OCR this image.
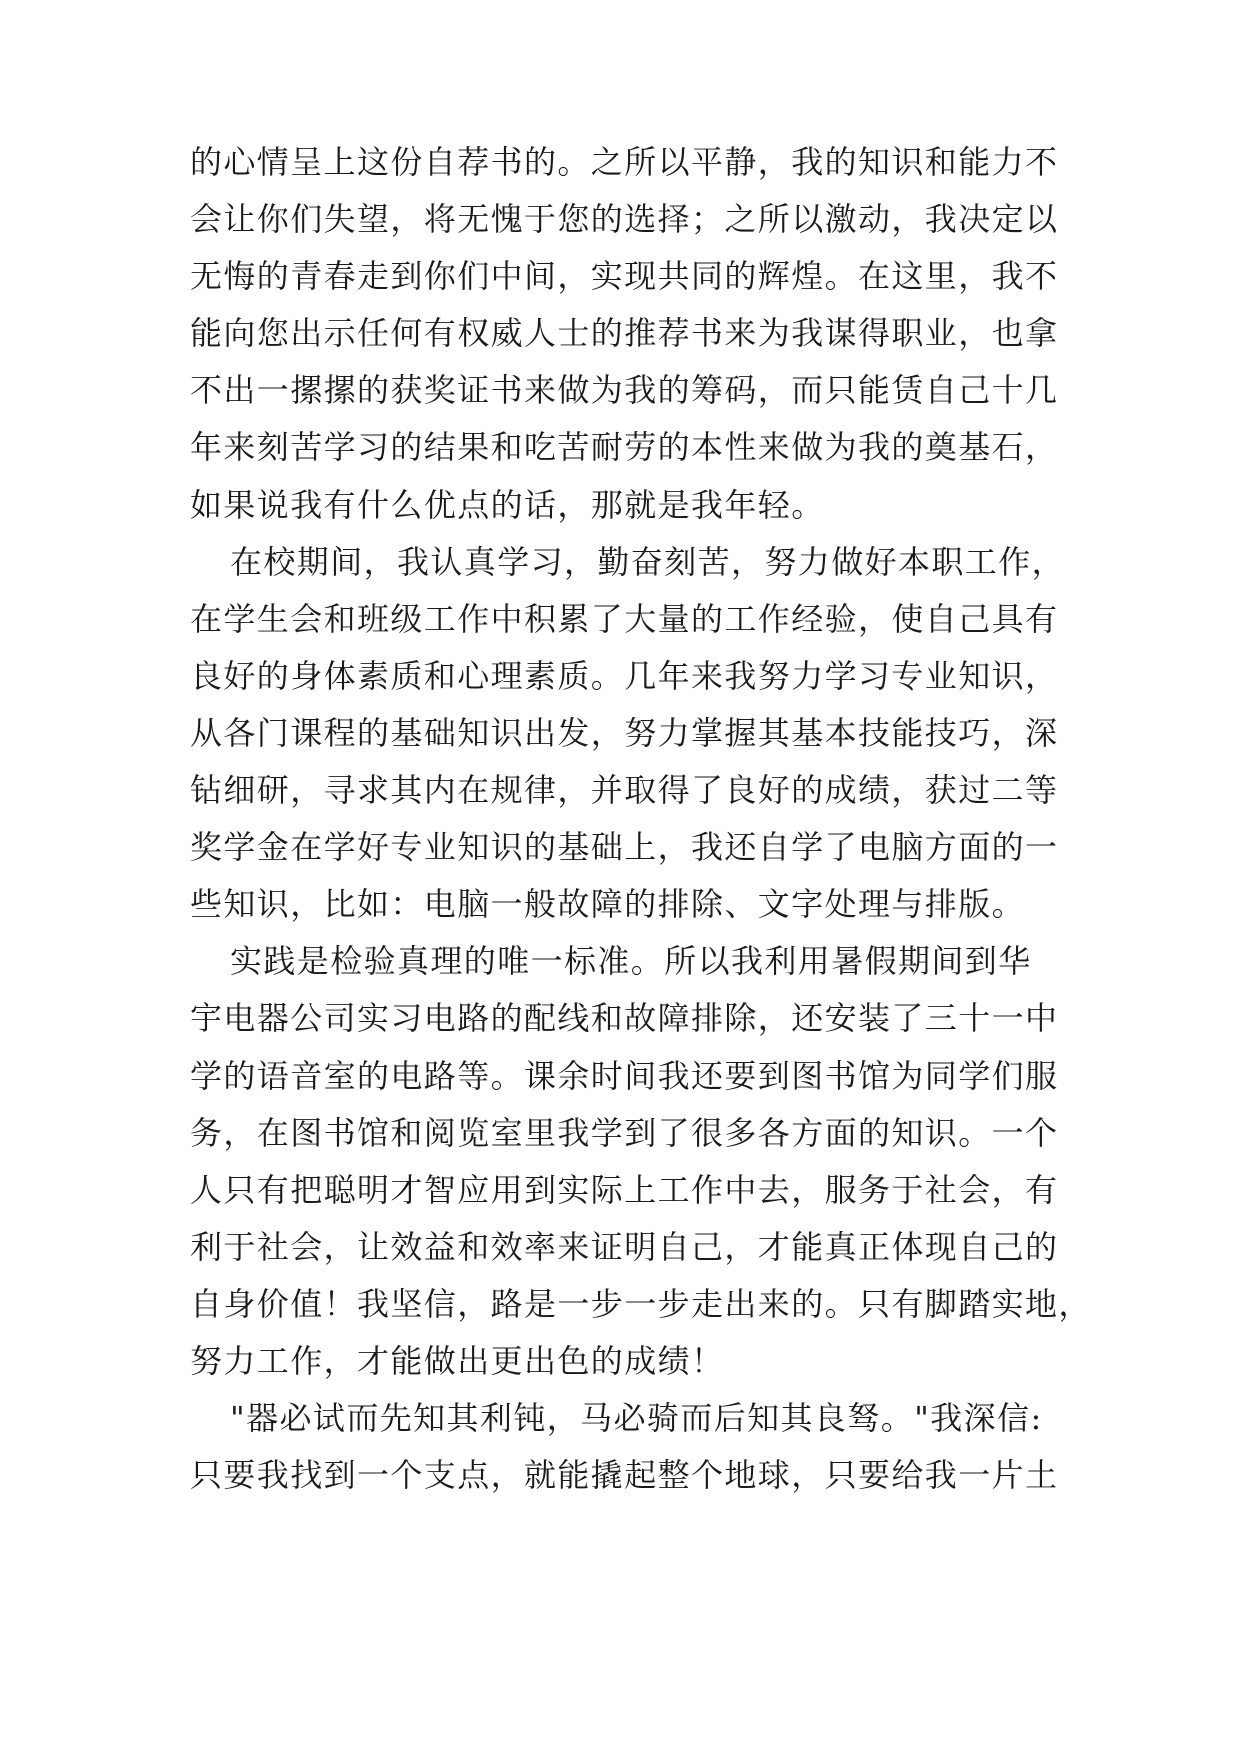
的心情呈上这份自荐书的。之所以平静，我的知识和能力不
会让你们失望，将无愧于您的选择；之所以激动，我决定以
无悔的青春走到你们中间，实现共同的辉煌。在这里，我不
能向您出示任何有权威人士的推荐书来为我谋得职业，也拿
不出一摞摞的获奖证书来做为我的筹码，而只能赁自己十几
年来刻苦学习的结果和吃苦耐劳的本性来做为我的奠基石，
如果说我有什么优点的话，那就是我年轻。
在校期间，我认真学习，勤奋刻苦，努力做好本职工作，
在学生会和班级工作中积累了大量的工作经验，使自己具有
良好的身体素质和心理素质。几年来我努力学习专业知识，
从各门课程的基础知识出发，努力掌握其基本技能技巧，深
钻细研，寻求其内在规律，并取得了良好的成绩，获过二等
奖学金在学好专业知识的基础上，我还自学了电脑方面的一
些知识，比如：电脑一般故障的排除、文字处理与排版。
实践是检验真理的唯一标准。所以我利用暑假期间到华
宇电器公司实习电路的配线和故障排除，还安装了三十一中
学的语音室的电路等。课余时间我还要到图书馆为同学们服
务，在图书馆和阅览室里我学到了很多各方面的知识。一个
人只有把聪明才智应用到实际上工作中去，服务于社会，有
利于社会，让效益和效率来证明自己，才能真正体现自己的
自身价值！我坚信，路是一步一步走出来的。只有脚踏实地，
努力工作，才能做出更出色的成绩！
"器必试而先知其利钝，马必骑而后知其良驽。"我深信:
只要我找到一个支点，就能撬起整个地球，只要给我一片土
